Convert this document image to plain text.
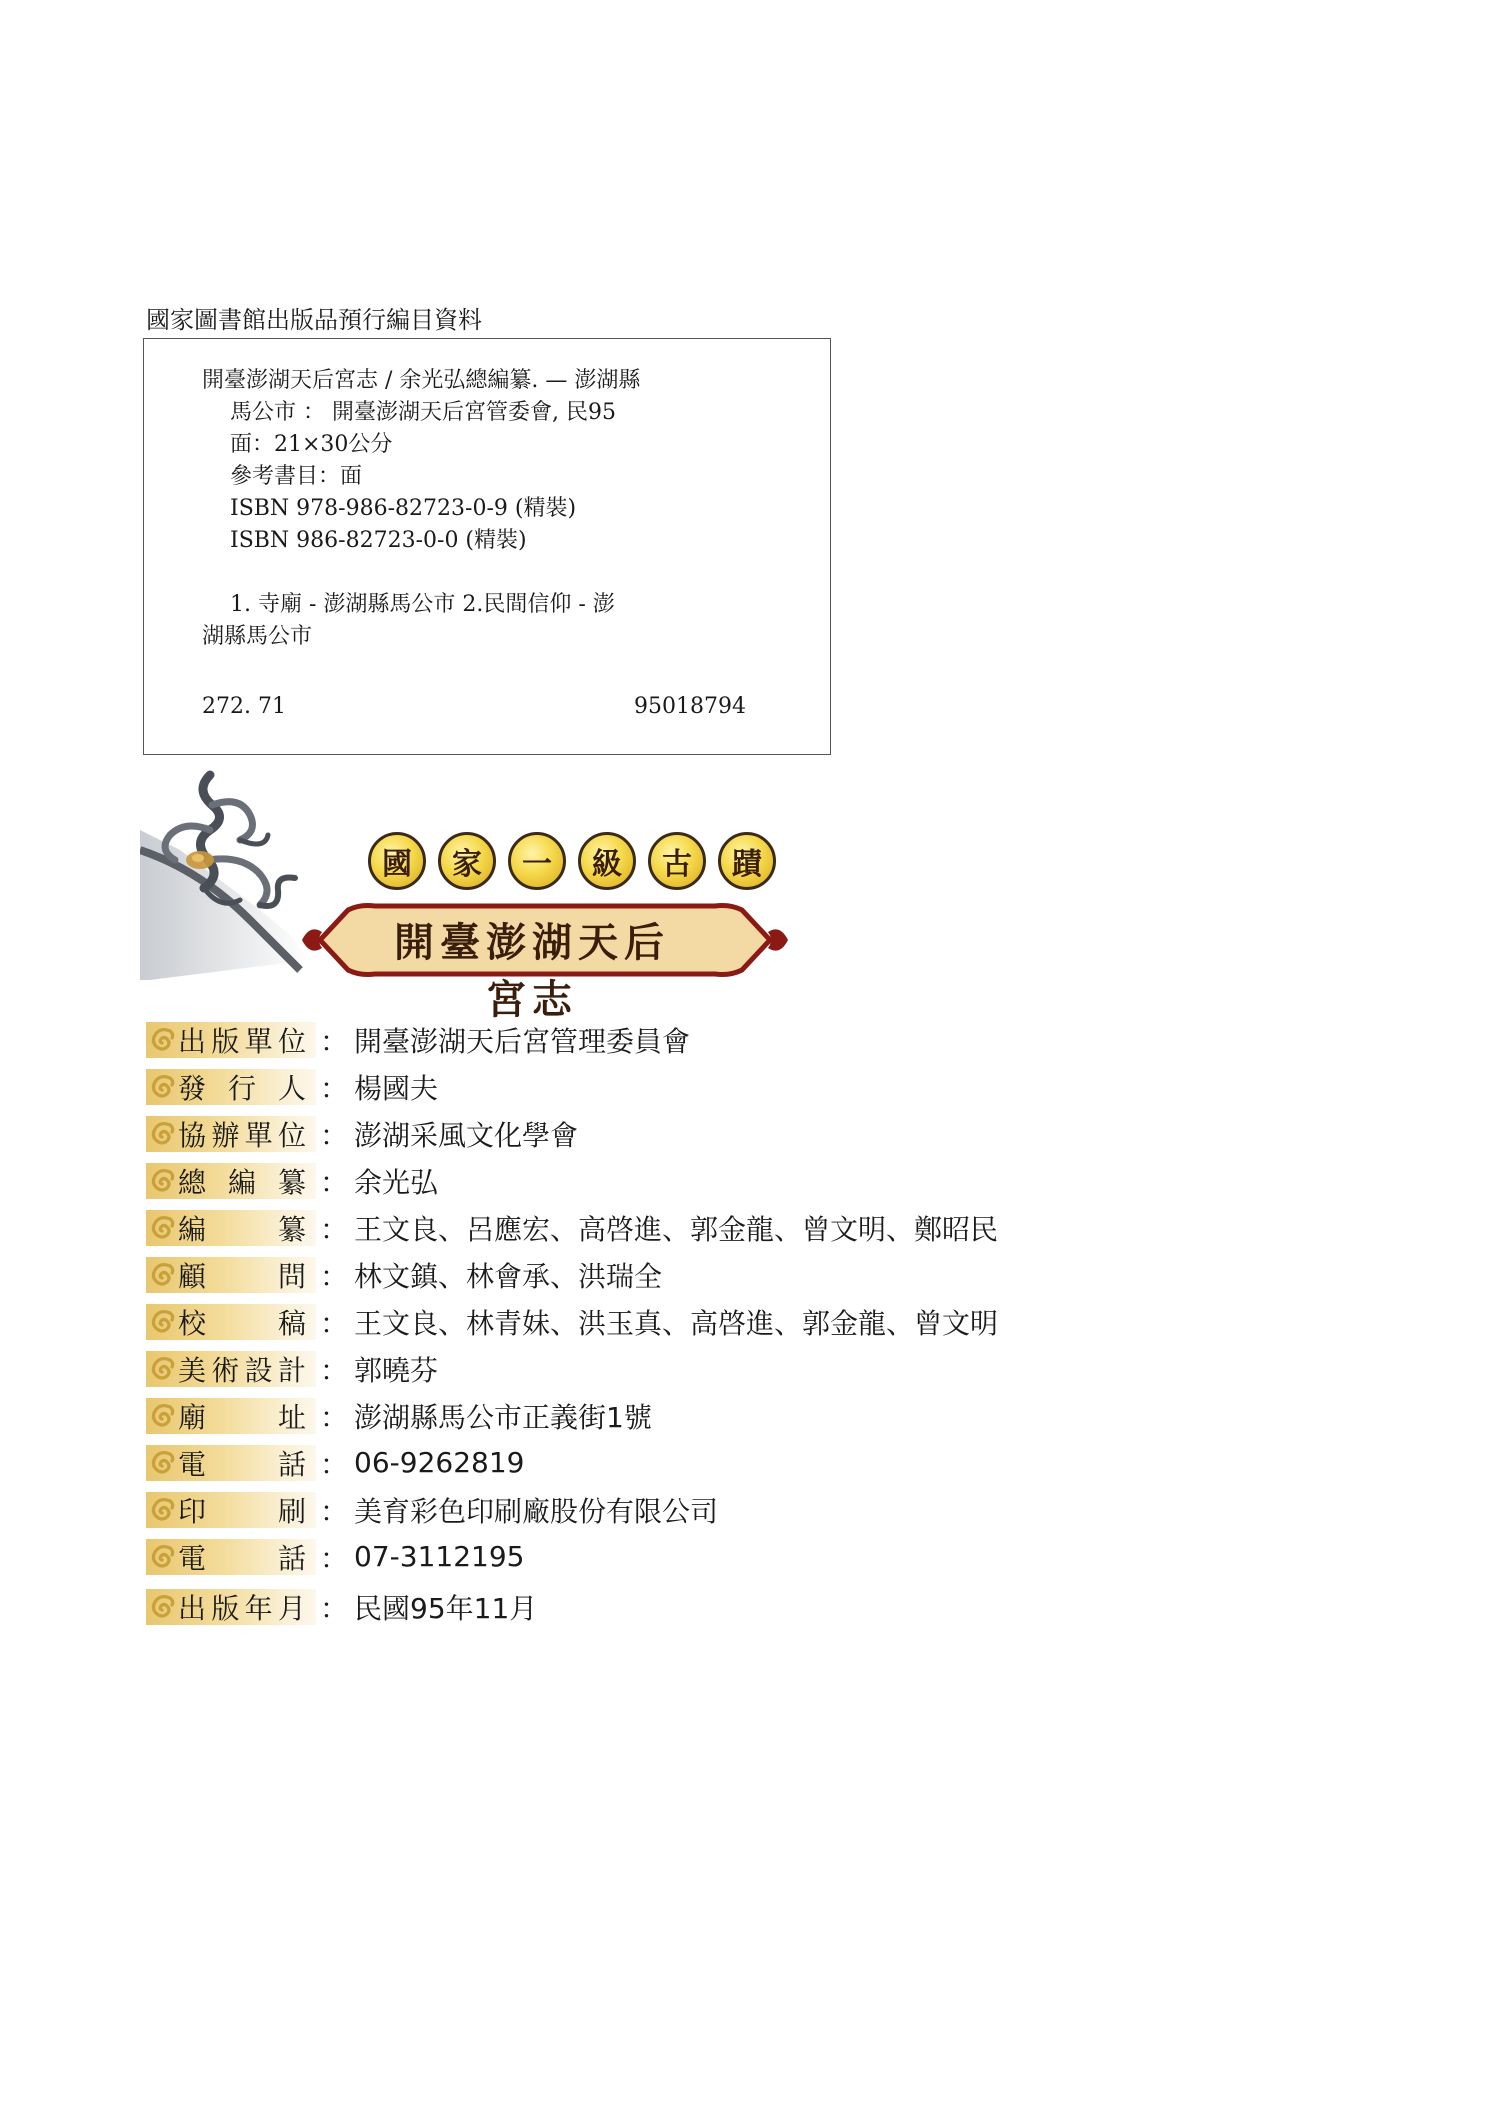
國家圖書館出版品預行編目資料
開臺澎湖天后宮志 / 余光弘總編纂. — 澎湖縣
馬公市 ： 開臺澎湖天后宮管委會, 民95
面：21×30公分
參考書目：面
ISBN 978-986-82723-0-9 (精裝)
ISBN 986-82723-0-0 (精裝)
1. 寺廟 - 澎湖縣馬公市 2.民間信仰 - 澎
湖縣馬公市
272. 71	95018794
國	家	一	級	古	蹟
開臺澎湖天后宮志
出 版 單 位 ： 開臺澎湖天后宮管理委員會
發 行 人 ： 楊國夫
協 辦 單 位 ： 澎湖采風文化學會
總 編 纂 ： 余光弘
編	纂 ： 王文良、呂應宏、高啓進、郭金龍、曾文明、鄭昭民
顧	問 ： 林文鎮、林會承、洪瑞全
校	稿 ： 王文良、林青妹、洪玉真、高啓進、郭金龍、曾文明
美 術 設 計 ： 郭曉芬
廟	址 ： 澎湖縣馬公市正義街1號
電	話 ： 06-9262819
印	刷 ： 美育彩色印刷廠股份有限公司
電	話 ： 07-3112195
出 版 年 月 ： 民國95年11月
